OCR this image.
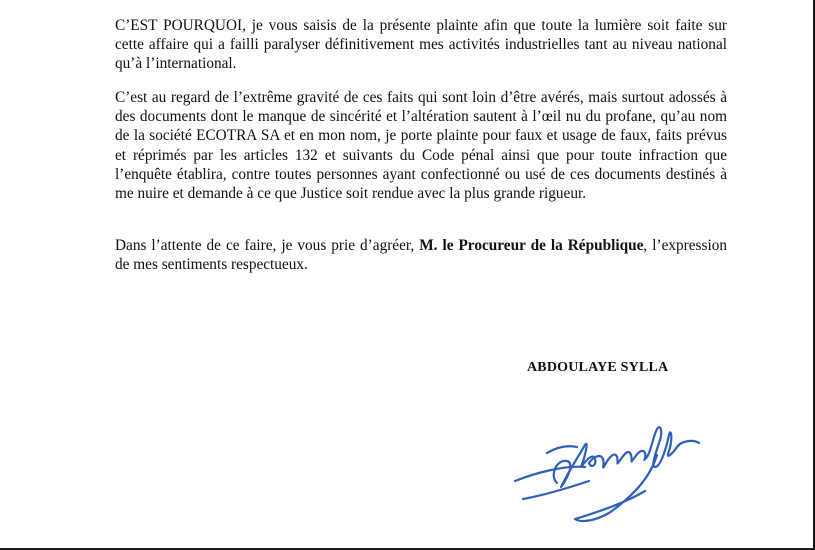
C’EST POURQUOI, je vous saisis de la présente plainte afin que toute la lumière soit faite sur cette affaire qui a failli paralyser définitivement mes activités industrielles tant au niveau national qu’à l’international.

C’est au regard de l’extrême gravité de ces faits qui sont loin d’être avérés, mais surtout adossés à des documents dont le manque de sincérité et l’altération sautent à l’œil nu du profane, qu’au nom de la société ECOTRA SA et en mon nom, je porte plainte pour faux et usage de faux, faits prévus et réprimés par les articles 132 et suivants du Code pénal ainsi que pour toute infraction que l’enquête établira, contre toutes personnes ayant confectionné ou usé de ces documents destinés à me nuire et demande à ce que Justice soit rendue avec la plus grande rigueur.

Dans l’attente de ce faire, je vous prie d’agréer, M. le Procureur de la République, l’expression de mes sentiments respectueux.

ABDOULAYE SYLLA
